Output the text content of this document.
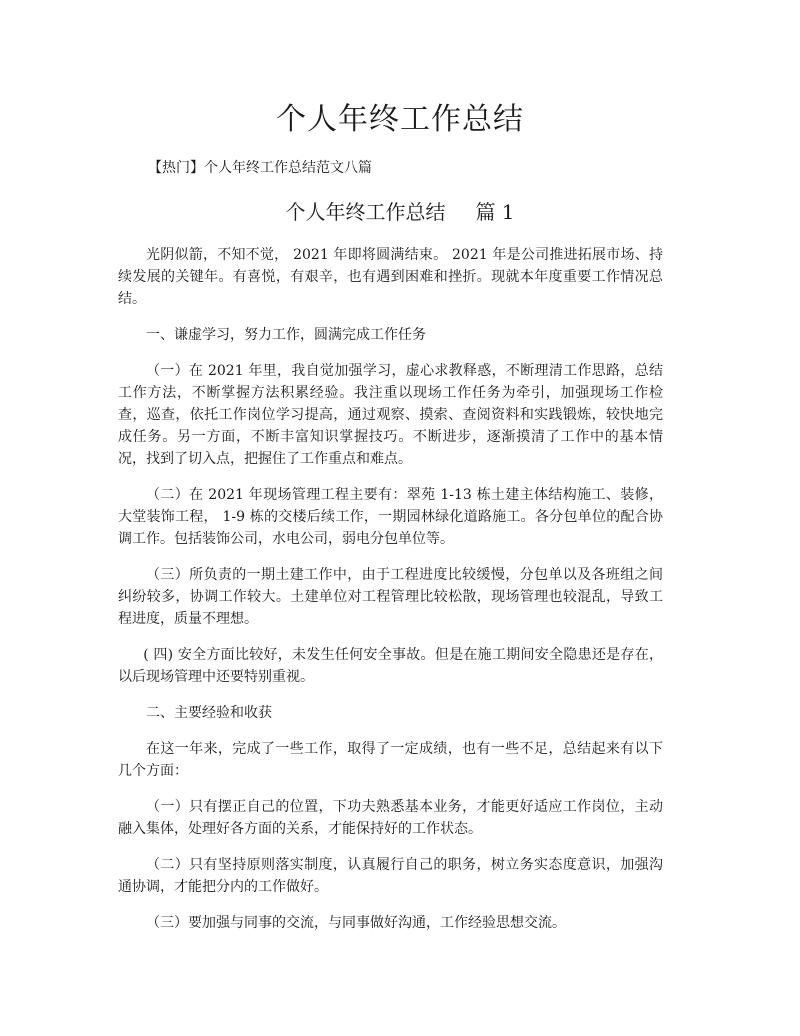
个人年终工作总结
【热门】个人年终工作总结范文八篇
个人年终工作总结 篇 1

光阴似箭，不知不觉， 2021 年即将圆满结束。 2021 年是公司推进拓展市场、持续发展的关键年。有喜悦，有艰辛，也有遇到困难和挫折。现就本年度重要工作情况总结。

一、谦虚学习，努力工作，圆满完成工作任务

（一）在 2021 年里，我自觉加强学习，虚心求教释惑，不断理清工作思路，总结工作方法，不断掌握方法积累经验。我注重以现场工作任务为牵引，加强现场工作检查，巡查，依托工作岗位学习提高，通过观察、摸索、查阅资料和实践锻炼，较快地完成任务。另一方面，不断丰富知识掌握技巧。不断进步，逐渐摸清了工作中的基本情况，找到了切入点，把握住了工作重点和难点。

（二）在 2021 年现场管理工程主要有：翠苑 1-13 栋土建主体结构施工、装修，大堂装饰工程， 1-9 栋的交楼后续工作，一期园林绿化道路施工。各分包单位的配合协调工作。包括装饰公司，水电公司，弱电分包单位等。

（三）所负责的一期土建工作中，由于工程进度比较缓慢，分包单以及各班组之间纠纷较多，协调工作较大。土建单位对工程管理比较松散，现场管理也较混乱，导致工程进度，质量不理想。

( 四) 安全方面比较好，未发生任何安全事故。但是在施工期间安全隐患还是存在，以后现场管理中还要特别重视。

二、主要经验和收获

在这一年来，完成了一些工作，取得了一定成绩，也有一些不足，总结起来有以下几个方面：

（一）只有摆正自己的位置，下功夫熟悉基本业务，才能更好适应工作岗位，主动融入集体，处理好各方面的关系，才能保持好的工作状态。

（二）只有坚持原则落实制度，认真履行自己的职务，树立务实态度意识，加强沟通协调，才能把分内的工作做好。

（三）要加强与同事的交流，与同事做好沟通，工作经验思想交流。
